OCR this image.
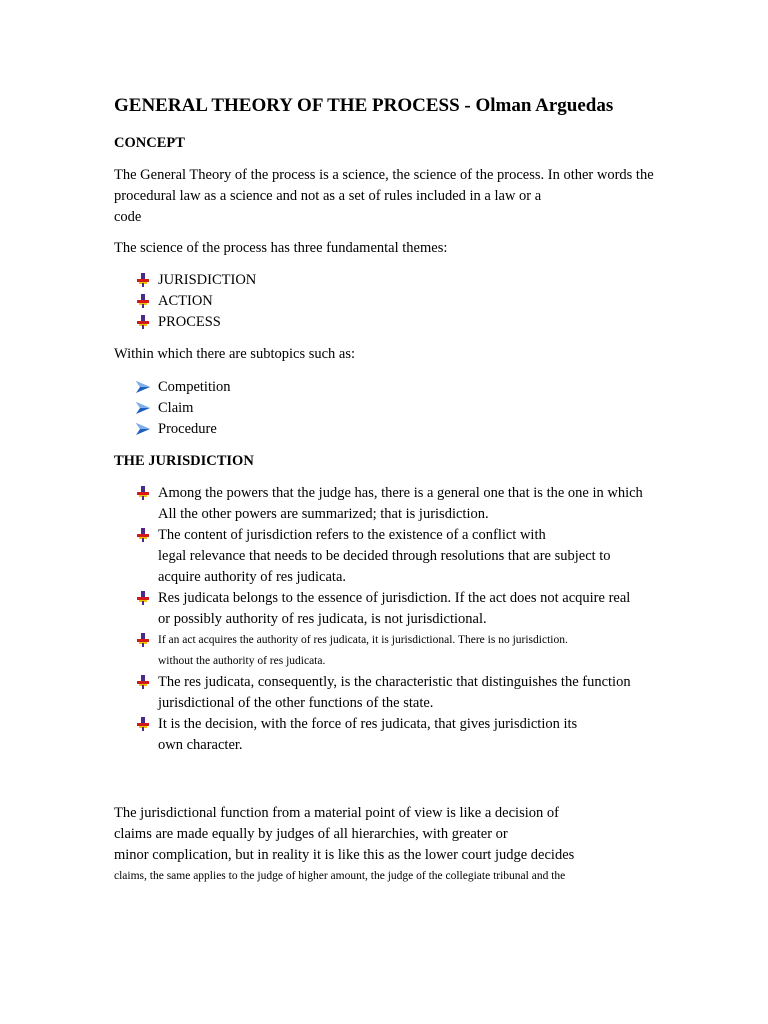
GENERAL THEORY OF THE PROCESS - Olman Arguedas
CONCEPT

The General Theory of the process is a science, the science of the process. In other words the
procedural law as a science and not as a set of rules included in a law or a
code

The science of the process has three fundamental themes:

JURISDICTION
ACTION
PROCESS

Within which there are subtopics such as:

Competition
Claim
Procedure
THE JURISDICTION
Among the powers that the judge has, there is a general one that is the one in which
All the other powers are summarized; that is jurisdiction.
The content of jurisdiction refers to the existence of a conflict with
legal relevance that needs to be decided through resolutions that are subject to
acquire authority of res judicata.
Res judicata belongs to the essence of jurisdiction. If the act does not acquire real
or possibly authority of res judicata, is not jurisdictional.
If an act acquires the authority of res judicata, it is jurisdictional. There is no jurisdiction.
without the authority of res judicata.
The res judicata, consequently, is the characteristic that distinguishes the function
jurisdictional of the other functions of the state.
It is the decision, with the force of res judicata, that gives jurisdiction its
own character.

The jurisdictional function from a material point of view is like a decision of
claims are made equally by judges of all hierarchies, with greater or
minor complication, but in reality it is like this as the lower court judge decides
claims, the same applies to the judge of higher amount, the judge of the collegiate tribunal and the
